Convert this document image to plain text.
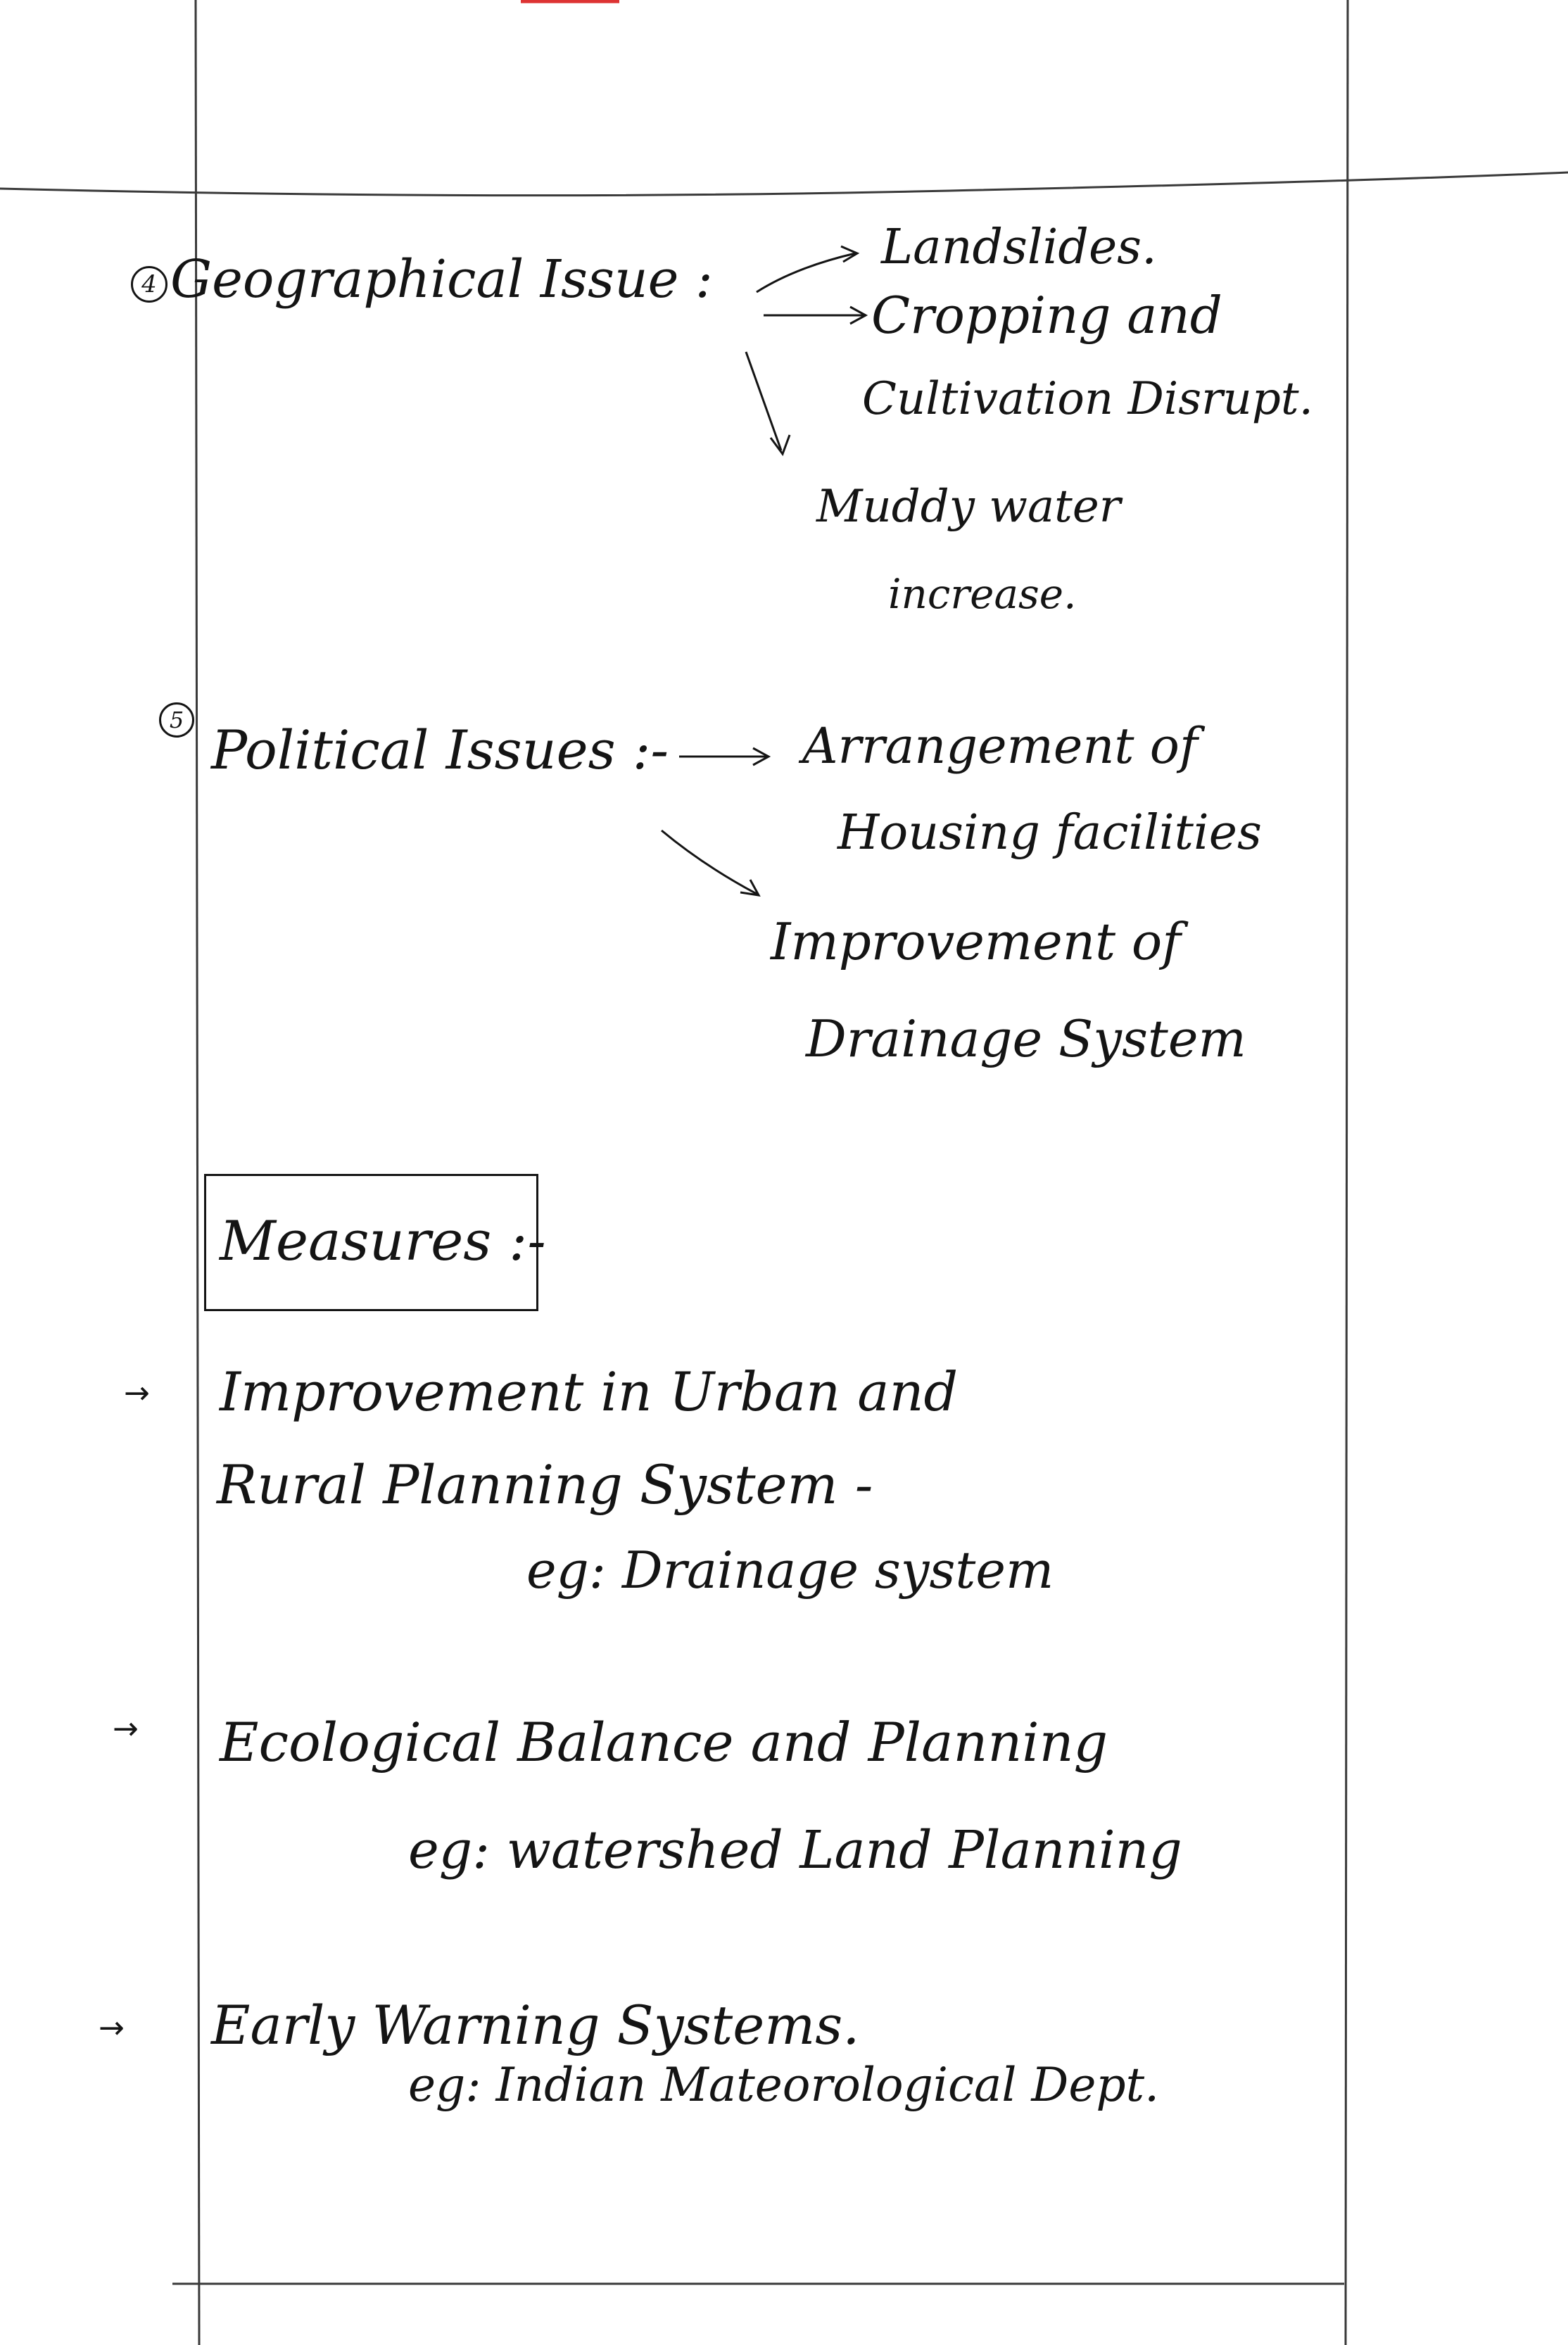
4 Geographical Issue :
Landslides.
Cropping and
Cultivation Disrupt.
Muddy water
increase.
5 Political Issues :-	Arrangement of
Housing facilities
Improvement of
Drainage System
Measures :-
→ Improvement in Urban and
Rural Planning System -
eg: Drainage system
→ Ecological Balance and Planning
eg: watershed Land Planning
→ Early Warning Systems.
eg: Indian Mateorological Dept.
